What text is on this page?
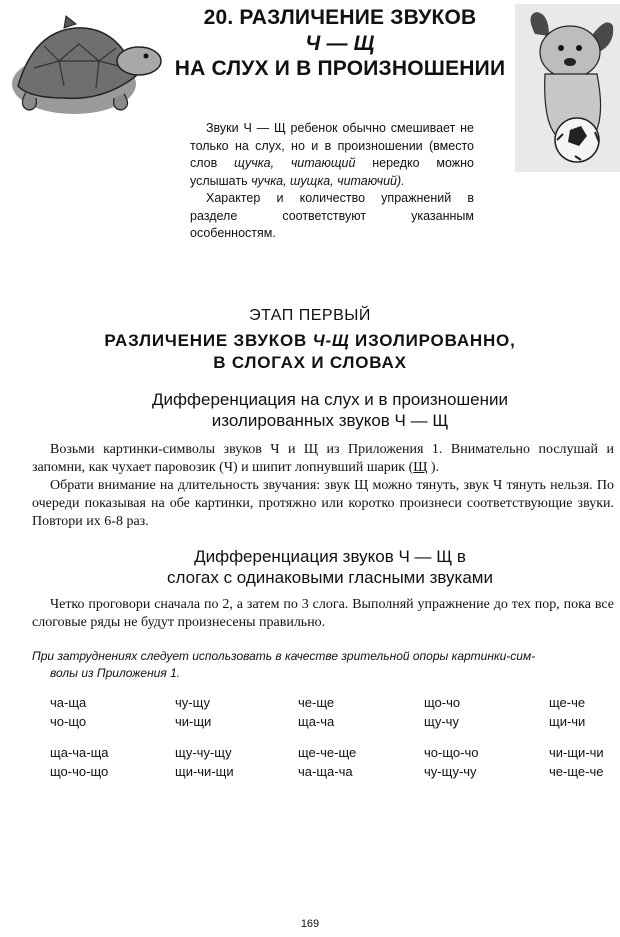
20. РАЗЛИЧЕНИЕ ЗВУКОВ
Ч — Щ
НА СЛУХ И В ПРОИЗНОШЕНИИ

Звуки Ч — Щ ребенок обычно смешивает не только на слух, но и в произношении (вместо слов щучка, читающий нередко можно услышать чучка, шущка, читаючий).

Характер и количество упражнений в разделе соответствуют указанным особенностям.

ЭТАП ПЕРВЫЙ
РАЗЛИЧЕНИЕ ЗВУКОВ Ч-Щ ИЗОЛИРОВАННО,
В СЛОГАХ И СЛОВАХ
Дифференциация на слух и в произношении
изолированных звуков Ч — Щ

Возьми картинки-символы звуков Ч и Щ из Приложения 1. Внимательно послушай и запомни, как чухает паровозик (Ч) и шипит лопнувший шарик (Щ ).

Обрати внимание на длительность звучания: звук Щ можно тянуть, звук Ч тянуть нельзя. По очереди показывая на обе картинки, протяжно или коротко произнеси соответствующие звуки. Повтори их 6-8 раз.

Дифференциация звуков Ч — Щ в
слогах с одинаковыми гласными звуками

Четко проговори сначала по 2, а затем по 3 слога. Выполняй упражнение до тех пор, пока все слоговые ряды не будут произнесены правильно.

При затруднениях следует использовать в качестве зрительной опоры картинки-сим-
волы из Приложения 1.
ча-ща	чу-щу	че-ще	що-чо	ще-че
чо-що	чи-щи	ща-ча	щу-чу	щи-чи
ща-ча-ща	щу-чу-щу	ще-че-ще	чо-що-чо	чи-щи-чи
що-чо-що	щи-чи-щи	ча-ща-ча	чу-щу-чу	че-ще-че
169
